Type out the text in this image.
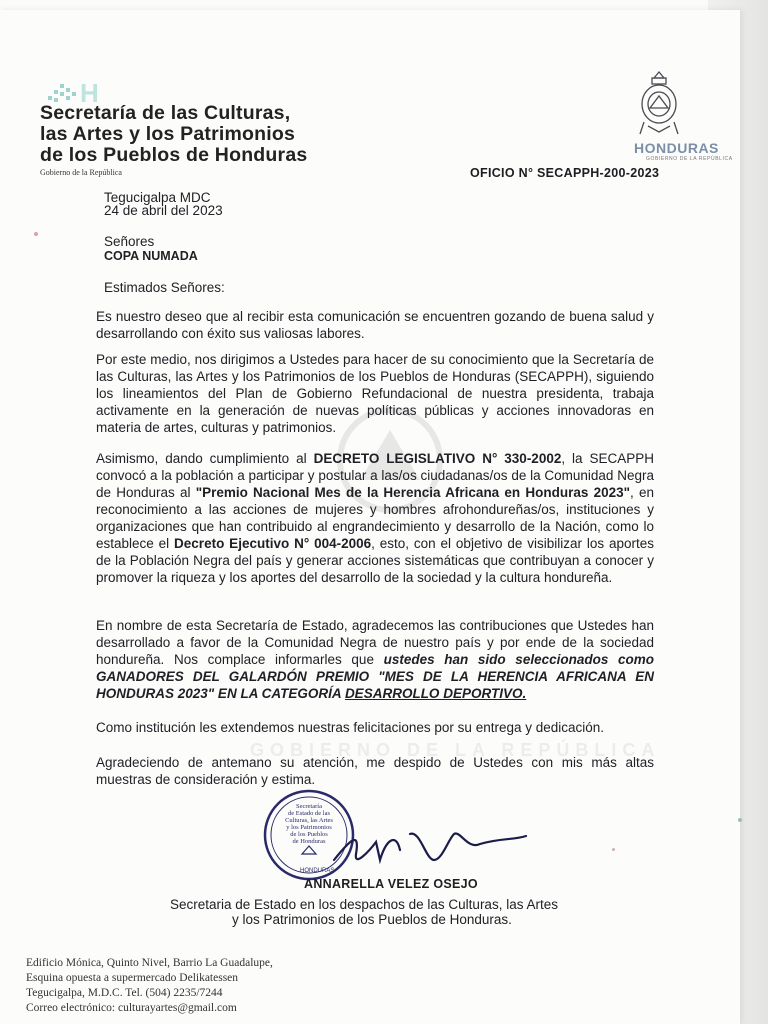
H
Secretaría de las Culturas,
las Artes y los Patrimonios
de los Pueblos de Honduras
Gobierno de la República
HONDURAS
GOBIERNO DE LA REPÚBLICA
OFICIO N° SECAPPH-200-2023
GOBIERNO DE LA REPÚBLICA
Tegucigalpa MDC
24 de abril del 2023
Señores
COPA NUMADA
Estimados Señores:
Es nuestro deseo que al recibir esta comunicación se encuentren gozando de buena salud y desarrollando con éxito sus valiosas labores.
Por este medio, nos dirigimos a Ustedes para hacer de su conocimiento que la Secretaría de las Culturas, las Artes y los Patrimonios de los Pueblos de Honduras (SECAPPH), siguiendo los lineamientos del Plan de Gobierno Refundacional de nuestra presidenta, trabaja activamente en la generación de nuevas políticas públicas y acciones innovadoras en materia de artes, culturas y patrimonios.
Asimismo, dando cumplimiento al DECRETO LEGISLATIVO N° 330-2002, la SECAPPH convocó a la población a participar y postular a las/os ciudadanas/os de la Comunidad Negra de Honduras al "Premio Nacional Mes de la Herencia Africana en Honduras 2023", en reconocimiento a las acciones de mujeres y hombres afrohondureñas/os, instituciones y organizaciones que han contribuido al engrandecimiento y desarrollo de la Nación, como lo establece el Decreto Ejecutivo N° 004-2006, esto, con el objetivo de visibilizar los aportes de la Población Negra del país y generar acciones sistemáticas que contribuyan a conocer y promover la riqueza y los aportes del desarrollo de la sociedad y la cultura hondureña.
En nombre de esta Secretaría de Estado, agradecemos las contribuciones que Ustedes han desarrollado a favor de la Comunidad Negra de nuestro país y por ende de la sociedad hondureña. Nos complace informarles que ustedes han sido seleccionados como GANADORES DEL GALARDÓN PREMIO "MES DE LA HERENCIA AFRICANA EN HONDURAS 2023" EN LA CATEGORÍA DESARROLLO DEPORTIVO.
Como institución les extendemos nuestras felicitaciones por su entrega y dedicación.
Agradeciendo de antemano su atención, me despido de Ustedes con mis más altas muestras de consideración y estima.
Secretaría
de Estado de las
Culturas, las Artes
y los Patrimonios
de los Pueblos
de Honduras
HONDURAS
ANNARELLA VELEZ OSEJO
Secretaria de Estado en los despachos de las Culturas, las Artes
y los Patrimonios de los Pueblos de Honduras.
Edificio Mónica, Quinto Nivel, Barrio La Guadalupe,
Esquina opuesta a supermercado Delikatessen
Tegucigalpa, M.D.C. Tel. (504) 2235/7244
Correo electrónico: culturayartes@gmail.com
